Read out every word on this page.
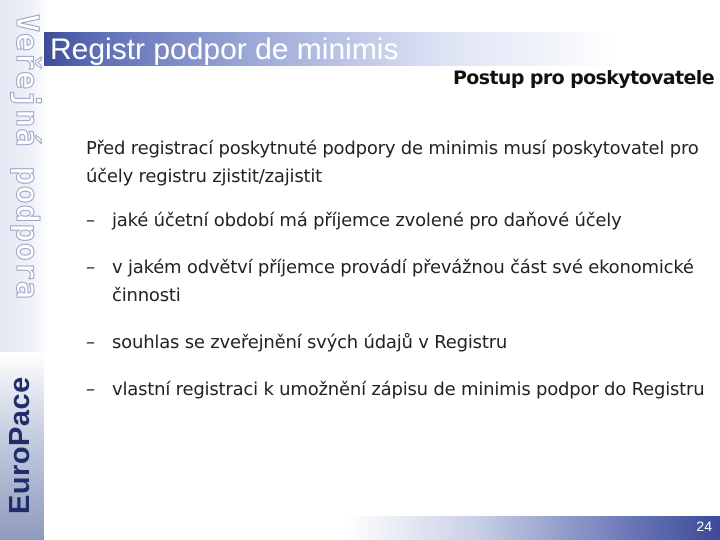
Veřejná podpora
EuroPace
Registr podpor de minimis
Postup pro poskytovatele

Před registrací poskytnuté podpory de minimis musí poskytovatel pro účely registru zjistit/zajistit

– jaké účetní období má příjemce zvolené pro daňové účely
– v jakém odvětví příjemce provádí převážnou část své ekonomické činnosti
– souhlas se zveřejnění svých údajů v Registru
– vlastní registraci k umožnění zápisu de minimis podpor do Registru
24
